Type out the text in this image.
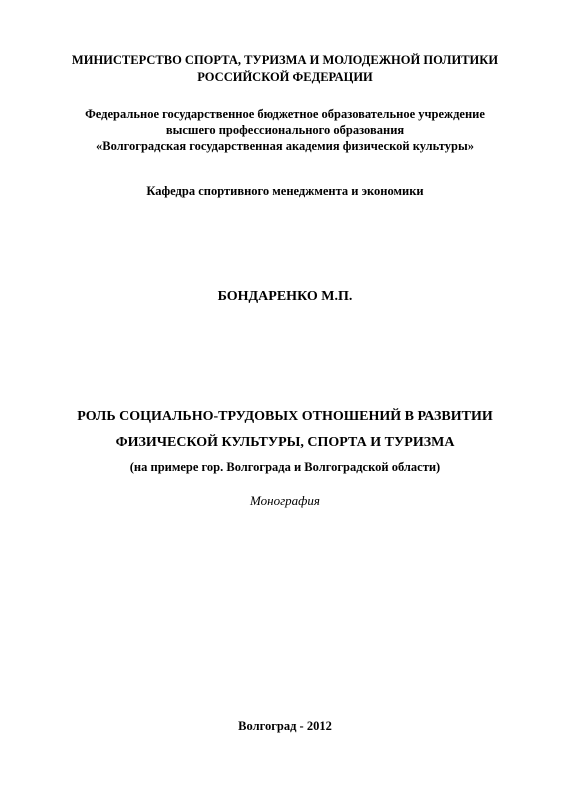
МИНИСТЕРСТВО СПОРТА, ТУРИЗМА И МОЛОДЕЖНОЙ ПОЛИТИКИ
РОССИЙСКОЙ ФЕДЕРАЦИИ
Федеральное государственное бюджетное образовательное учреждение
высшего профессионального образования
«Волгоградская государственная академия физической культуры»
Кафедра спортивного менеджмента и экономики
БОНДАРЕНКО М.П.
РОЛЬ СОЦИАЛЬНО-ТРУДОВЫХ ОТНОШЕНИЙ В РАЗВИТИИ
ФИЗИЧЕСКОЙ КУЛЬТУРЫ, СПОРТА И ТУРИЗМА
(на примере гор. Волгограда и Волгоградской области)
Монография
Волгоград - 2012
